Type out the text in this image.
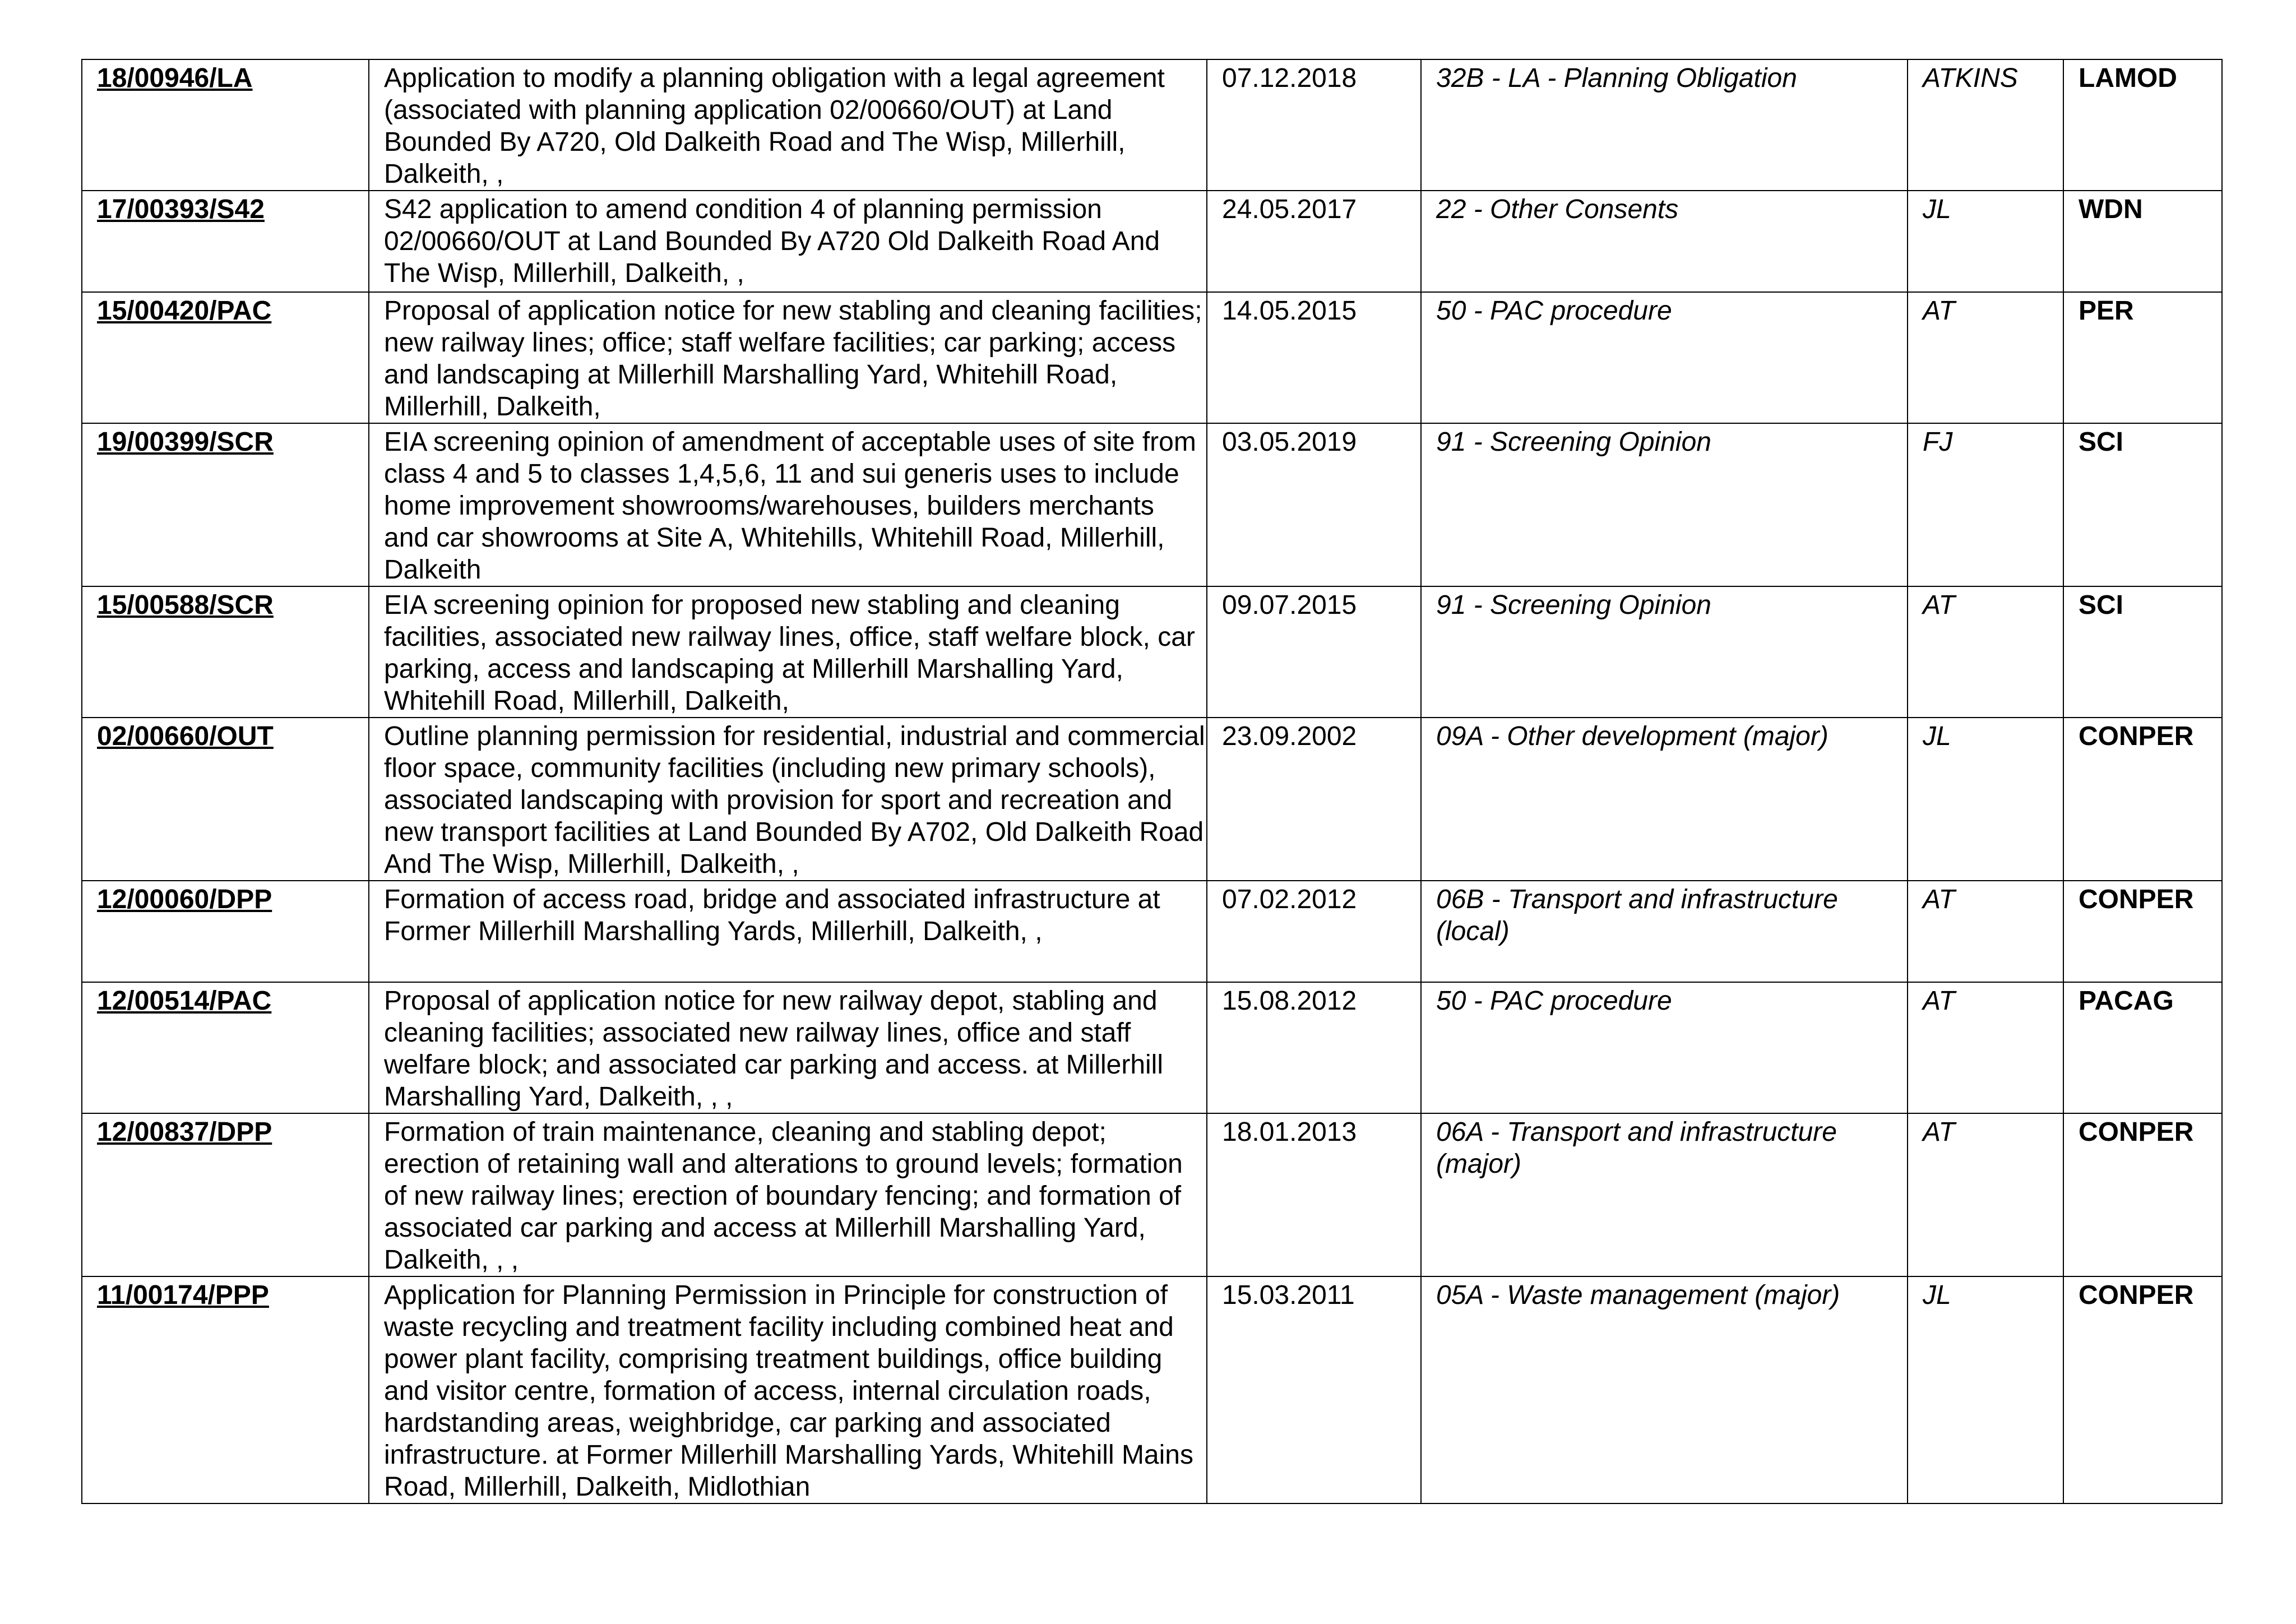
18/00946/LA	Application to modify a planning obligation with a legal agreement (associated with planning application 02/00660/OUT) at Land Bounded By A720, Old Dalkeith Road and The Wisp, Millerhill, Dalkeith, ,	07.12.2018	32B - LA - Planning Obligation	ATKINS	LAMOD

17/00393/S42	S42 application to amend condition 4 of planning permission 02/00660/OUT at Land Bounded By A720 Old Dalkeith Road And The Wisp, Millerhill, Dalkeith, ,	24.05.2017	22 - Other Consents	JL	WDN

15/00420/PAC	Proposal of application notice for new stabling and cleaning facilities; new railway lines; office; staff welfare facilities; car parking; access and landscaping at Millerhill Marshalling Yard, Whitehill Road, Millerhill, Dalkeith,	14.05.2015	50 - PAC procedure	AT	PER

19/00399/SCR	EIA screening opinion of amendment of acceptable uses of site from class 4 and 5 to classes 1,4,5,6, 11 and sui generis uses to include home improvement showrooms/warehouses, builders merchants and car showrooms at Site A, Whitehills, Whitehill Road, Millerhill, Dalkeith	03.05.2019	91 - Screening Opinion	FJ	SCI

15/00588/SCR	EIA screening opinion for proposed new stabling and cleaning facilities, associated new railway lines, office, staff welfare block, car parking, access and landscaping at Millerhill Marshalling Yard, Whitehill Road, Millerhill, Dalkeith,	09.07.2015	91 - Screening Opinion	AT	SCI

02/00660/OUT	Outline planning permission for residential, industrial and commercial floor space, community facilities (including new primary schools), associated landscaping with provision for sport and recreation and new transport facilities at Land Bounded By A702, Old Dalkeith Road And The Wisp, Millerhill, Dalkeith, ,	23.09.2002	09A - Other development (major)	JL	CONPER

12/00060/DPP	Formation of access road, bridge and associated infrastructure at Former Millerhill Marshalling Yards, Millerhill, Dalkeith, ,	07.02.2012	06B - Transport and infrastructure (local)	AT	CONPER

12/00514/PAC	Proposal of application notice for new railway depot, stabling and cleaning facilities; associated new railway lines, office and staff welfare block; and associated car parking and access. at Millerhill Marshalling Yard, Dalkeith, , ,	15.08.2012	50 - PAC procedure	AT	PACAG

12/00837/DPP	Formation of train maintenance, cleaning and stabling depot; erection of retaining wall and alterations to ground levels; formation of new railway lines; erection of boundary fencing; and formation of associated car parking and access at Millerhill Marshalling Yard, Dalkeith, , ,	18.01.2013	06A - Transport and infrastructure (major)	AT	CONPER

11/00174/PPP	Application for Planning Permission in Principle for construction of waste recycling and treatment facility including combined heat and power plant facility, comprising treatment buildings, office building and visitor centre, formation of access, internal circulation roads, hardstanding areas, weighbridge, car parking and associated infrastructure. at Former Millerhill Marshalling Yards, Whitehill Mains Road, Millerhill, Dalkeith, Midlothian	15.03.2011	05A - Waste management (major)	JL	CONPER
